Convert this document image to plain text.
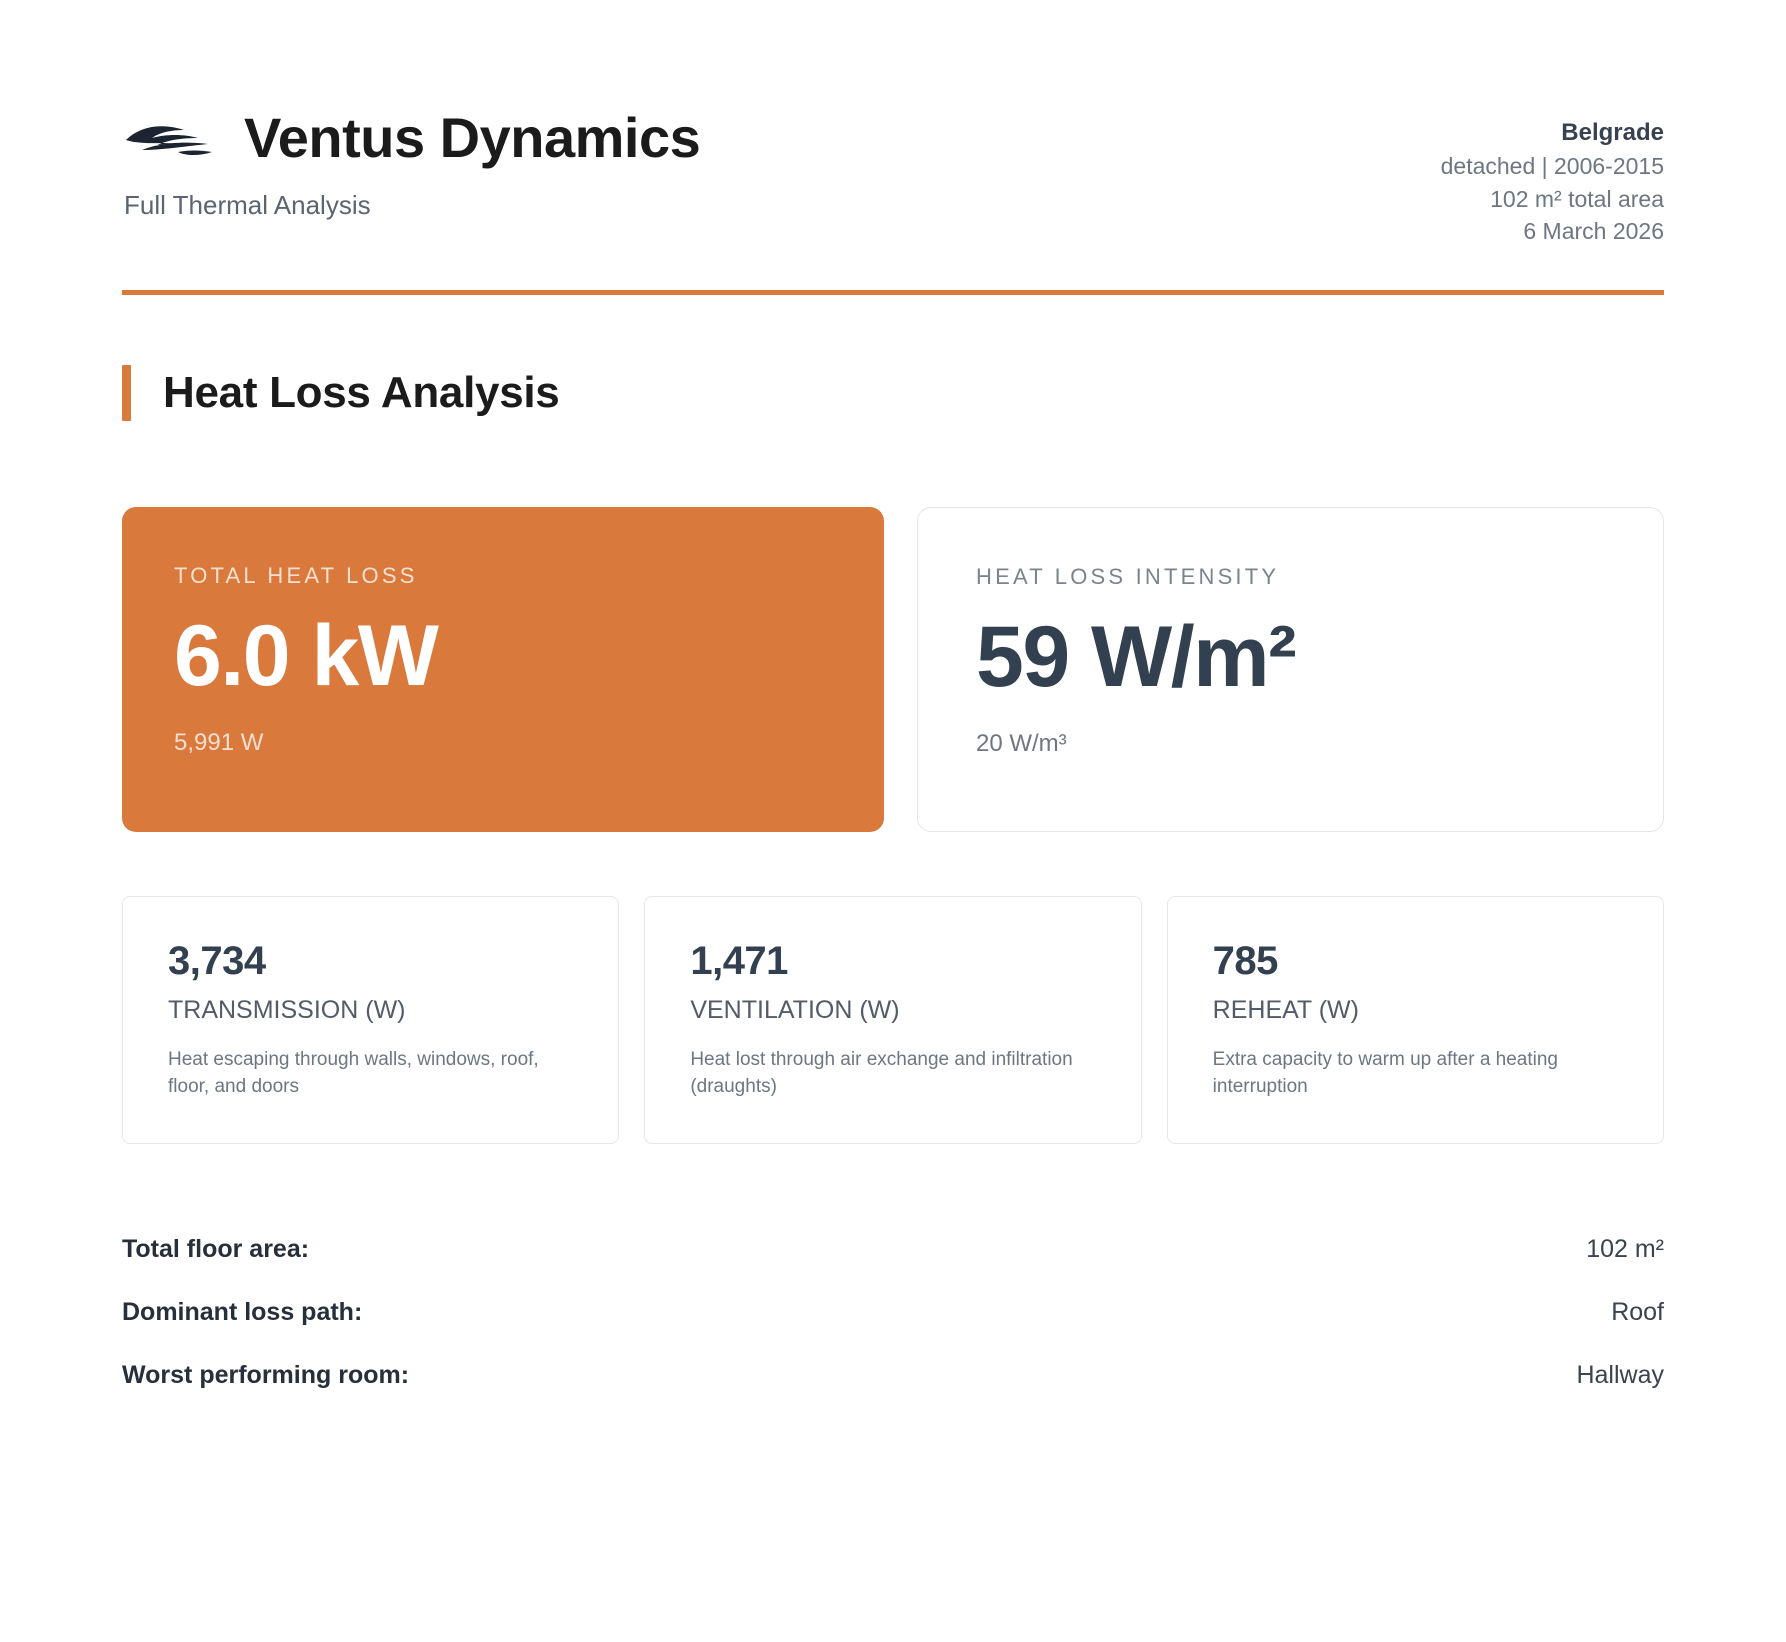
Ventus Dynamics
Full Thermal Analysis
Belgrade
detached | 2006-2015
102 m² total area
6 March 2026
Heat Loss Analysis
TOTAL HEAT LOSS
6.0 kW
5,991 W
HEAT LOSS INTENSITY
59 W/m²
20 W/m³
3,734
TRANSMISSION (W)
Heat escaping through walls, windows, roof, floor, and doors
1,471
VENTILATION (W)
Heat lost through air exchange and infiltration (draughts)
785
REHEAT (W)
Extra capacity to warm up after a heating interruption
Total floor area:	102 m²
Dominant loss path:	Roof
Worst performing room:	Hallway
